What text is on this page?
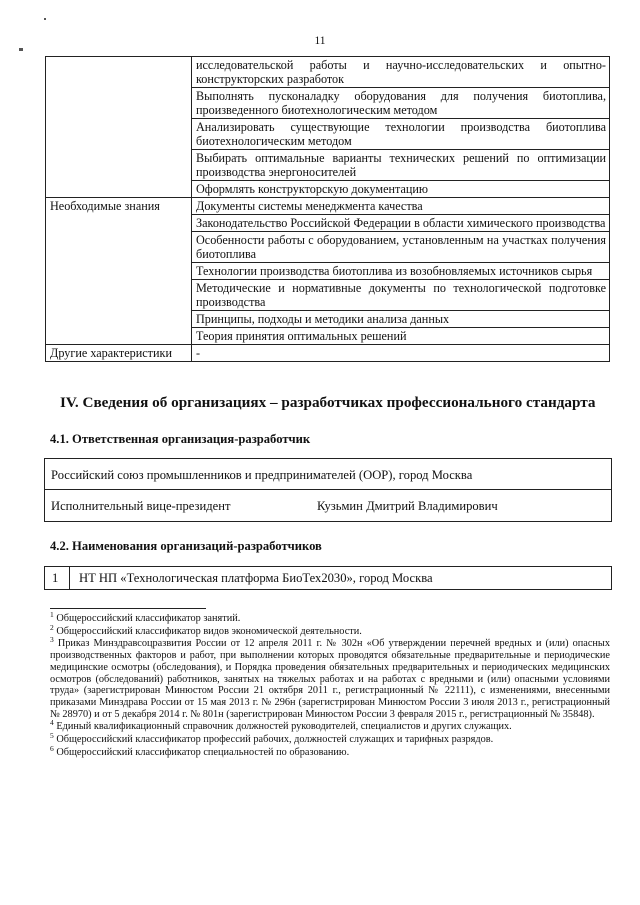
11
	исследовательской работы и научно-исследовательских и опытно-конструкторских разработок
	Выполнять пусконаладку оборудования для получения биотоплива, произведенного биотехнологическим методом
	Анализировать существующие технологии производства биотоплива биотехнологическим методом
	Выбирать оптимальные варианты технических решений по оптимизации производства энергоносителей
	Оформлять конструкторскую документацию
Необходимые знания	Документы системы менеджмента качества
	Законодательство Российской Федерации в области химического производства
	Особенности работы с оборудованием, установленным на участках получения биотоплива
	Технологии производства биотоплива из возобновляемых источников сырья
	Методические и нормативные документы по технологической подготовке производства
	Принципы, подходы и методики анализа данных
	Теория принятия оптимальных решений
Другие характеристики	-
IV. Сведения об организациях – разработчиках профессионального стандарта
4.1. Ответственная организация-разработчик
Российский союз промышленников и предпринимателей (ООР), город Москва
Исполнительный вице-президент	Кузьмин Дмитрий Владимирович
4.2. Наименования организаций-разработчиков
1 НТ НП «Технологическая платформа БиоТех2030», город Москва

$^1$ Общероссийский классификатор занятий.

$^2$ Общероссийский классификатор видов экономической деятельности.

$^3$ Приказ Минздравсоцразвития России от 12 апреля 2011 г. № 302н «Об утверждении перечней вредных и (или) опасных производственных факторов и работ, при выполнении которых проводятся обязательные предварительные и периодические медицинские осмотры (обследования), и Порядка проведения обязательных предварительных и периодических медицинских осмотров (обследований) работников, занятых на тяжелых работах и на работах с вредными и (или) опасными условиями труда» (зарегистрирован Минюстом России 21 октября 2011 г., регистрационный № 22111), с изменениями, внесенными приказами Минздрава России от 15 мая 2013 г. № 296н (зарегистрирован Минюстом России 3 июля 2013 г., регистрационный № 28970) и от 5 декабря 2014 г. № 801н (зарегистрирован Минюстом России 3 февраля 2015 г., регистрационный № 35848).

$^4$ Единый квалификационный справочник должностей руководителей, специалистов и других служащих.

$^5$ Общероссийский классификатор профессий рабочих, должностей служащих и тарифных разрядов.

$^6$ Общероссийский классификатор специальностей по образованию.
